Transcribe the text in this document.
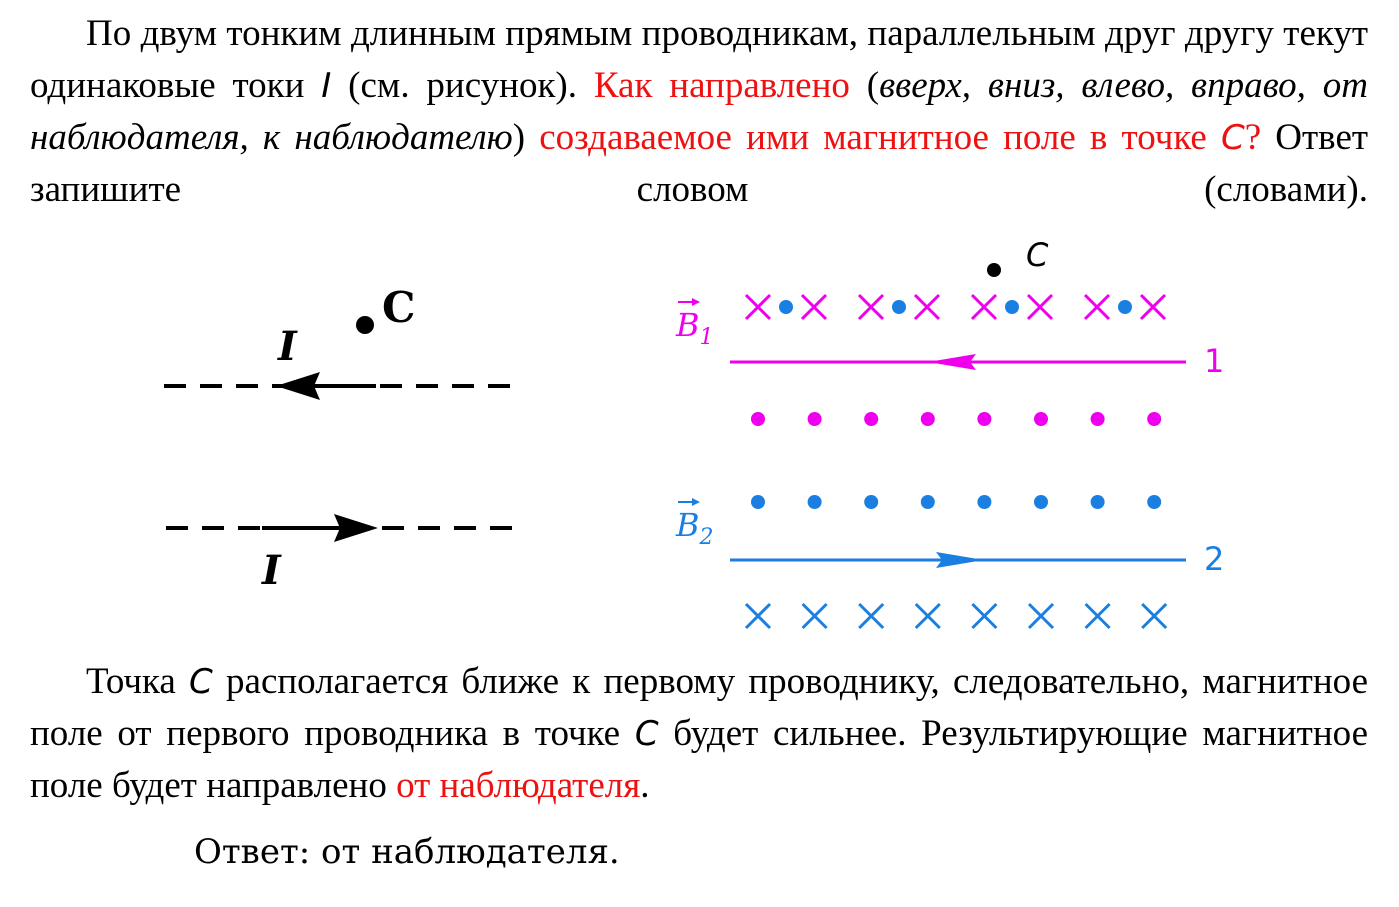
По двум тонким длинным прямым проводникам, параллельным друг другу текут одинаковые токи I (см. рисунок). Как направлено (вверх, вниз, влево, вправо, от наблюдателя, к наблюдателю) создаваемое ими магнитное поле в точке C? Ответ запишите словом (словами).

I
C
I
C
$B_1$
1
$B_2$
2

Точка C располагается ближе к первому проводнику, следовательно, магнитное поле от первого проводника в точке C будет сильнее. Результирующие магнитное поле будет направлено от наблюдателя.

Ответ: от наблюдателя.
